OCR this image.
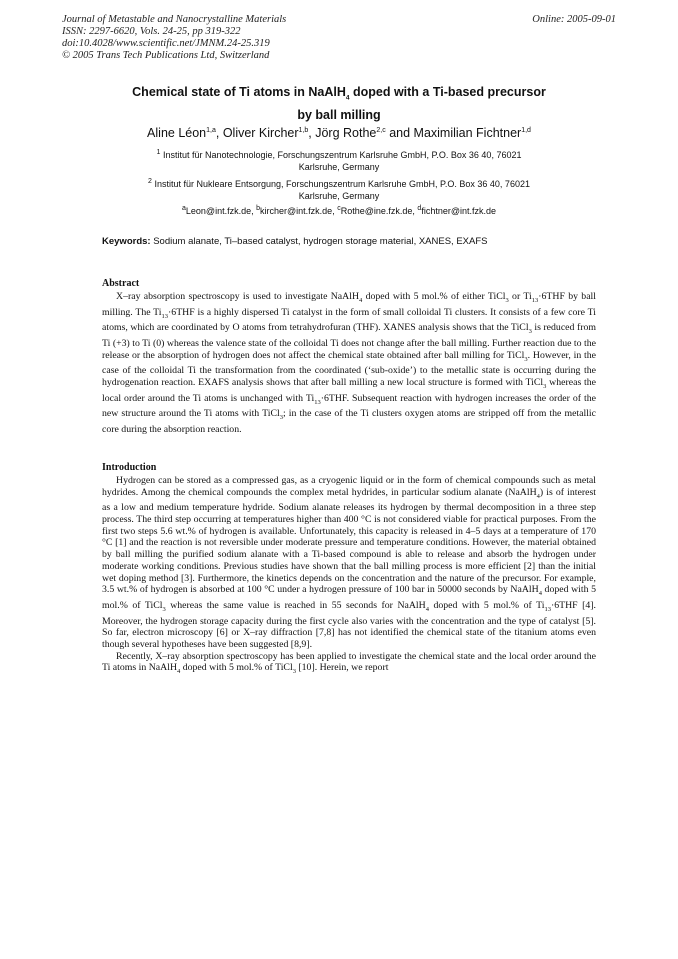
Journal of Metastable and Nanocrystalline Materials
ISSN: 2297-6620, Vols. 24-25, pp 319-322
doi:10.4028/www.scientific.net/JMNM.24-25.319
© 2005 Trans Tech Publications Ltd, Switzerland
Online: 2005-09-01
Chemical state of Ti atoms in NaAlH$_4$ doped with a Ti-based precursor
by ball milling
Aline Léon$^{1,a}$, Oliver Kircher$^{1,b}$, Jörg Rothe$^{2,c}$ and Maximilian Fichtner$^{1,d}$
$^1$ Institut für Nanotechnologie, Forschungszentrum Karlsruhe GmbH, P.O. Box 36 40, 76021
Karlsruhe, Germany
$^2$ Institut für Nukleare Entsorgung, Forschungszentrum Karlsruhe GmbH, P.O. Box 36 40, 76021
Karlsruhe, Germany
$^a$Leon@int.fzk.de, $^b$kircher@int.fzk.de, $^c$Rothe@ine.fzk.de, $^d$fichtner@int.fzk.de
Keywords: Sodium alanate, Ti–based catalyst, hydrogen storage material, XANES, EXAFS
Abstract

X–ray absorption spectroscopy is used to investigate NaAlH$_4$ doped with 5 mol.% of either TiCl$_3$ or $Ti_{13}\cdot 6THF$ by ball milling. The $Ti_{13}\cdot 6THF$ is a highly dispersed Ti catalyst in the form of small colloidal Ti clusters. It consists of a few core Ti atoms, which are coordinated by O atoms from tetrahydrofuran (THF). XANES analysis shows that the TiCl$_3$ is reduced from Ti (+3) to Ti (0) whereas the valence state of the colloidal Ti does not change after the ball milling. Further reaction due to the release or the absorption of hydrogen does not affect the chemical state obtained after ball milling for TiCl$_3$. However, in the case of the colloidal Ti the transformation from the coordinated (‘sub-oxide’) to the metallic state is occurring during the hydrogenation reaction. EXAFS analysis shows that after ball milling a new local structure is formed with TiCl$_3$ whereas the local order around the Ti atoms is unchanged with $Ti_{13}\cdot 6THF$. Subsequent reaction with hydrogen increases the order of the new structure around the Ti atoms with TiCl$_3$; in the case of the Ti clusters oxygen atoms are stripped off from the metallic core during the absorption reaction.

Introduction

Hydrogen can be stored as a compressed gas, as a cryogenic liquid or in the form of chemical compounds such as metal hydrides. Among the chemical compounds the complex metal hydrides, in particular sodium alanate (NaAlH$_4$) is of interest as a low and medium temperature hydride. Sodium alanate releases its hydrogen by thermal decomposition in a three step process. The third step occurring at temperatures higher than 400 °C is not considered viable for practical purposes. From the first two steps 5.6 wt.% of hydrogen is available. Unfortunately, this capacity is released in 4–5 days at a temperature of 170 °C [1] and the reaction is not reversible under moderate pressure and temperature conditions. However, the material obtained by ball milling the purified sodium alanate with a Ti-based compound is able to release and absorb the hydrogen under moderate working conditions. Previous studies have shown that the ball milling process is more efficient [2] than the initial wet doping method [3]. Furthermore, the kinetics depends on the concentration and the nature of the precursor. For example, 3.5 wt.% of hydrogen is absorbed at 100 °C under a hydrogen pressure of 100 bar in 50000 seconds by NaAlH$_4$ doped with 5 mol.% of TiCl$_3$ whereas the same value is reached in 55 seconds for NaAlH$_4$ doped with 5 mol.% of $Ti_{13}\cdot 6THF$ [4]. Moreover, the hydrogen storage capacity during the first cycle also varies with the concentration and the type of catalyst [5]. So far, electron microscopy [6] or X–ray diffraction [7,8] has not identified the chemical state of the titanium atoms even though several hypotheses have been suggested [8,9].

Recently, X–ray absorption spectroscopy has been applied to investigate the chemical state and the local order around the Ti atoms in NaAlH$_4$ doped with 5 mol.% of TiCl$_3$ [10]. Herein, we report
